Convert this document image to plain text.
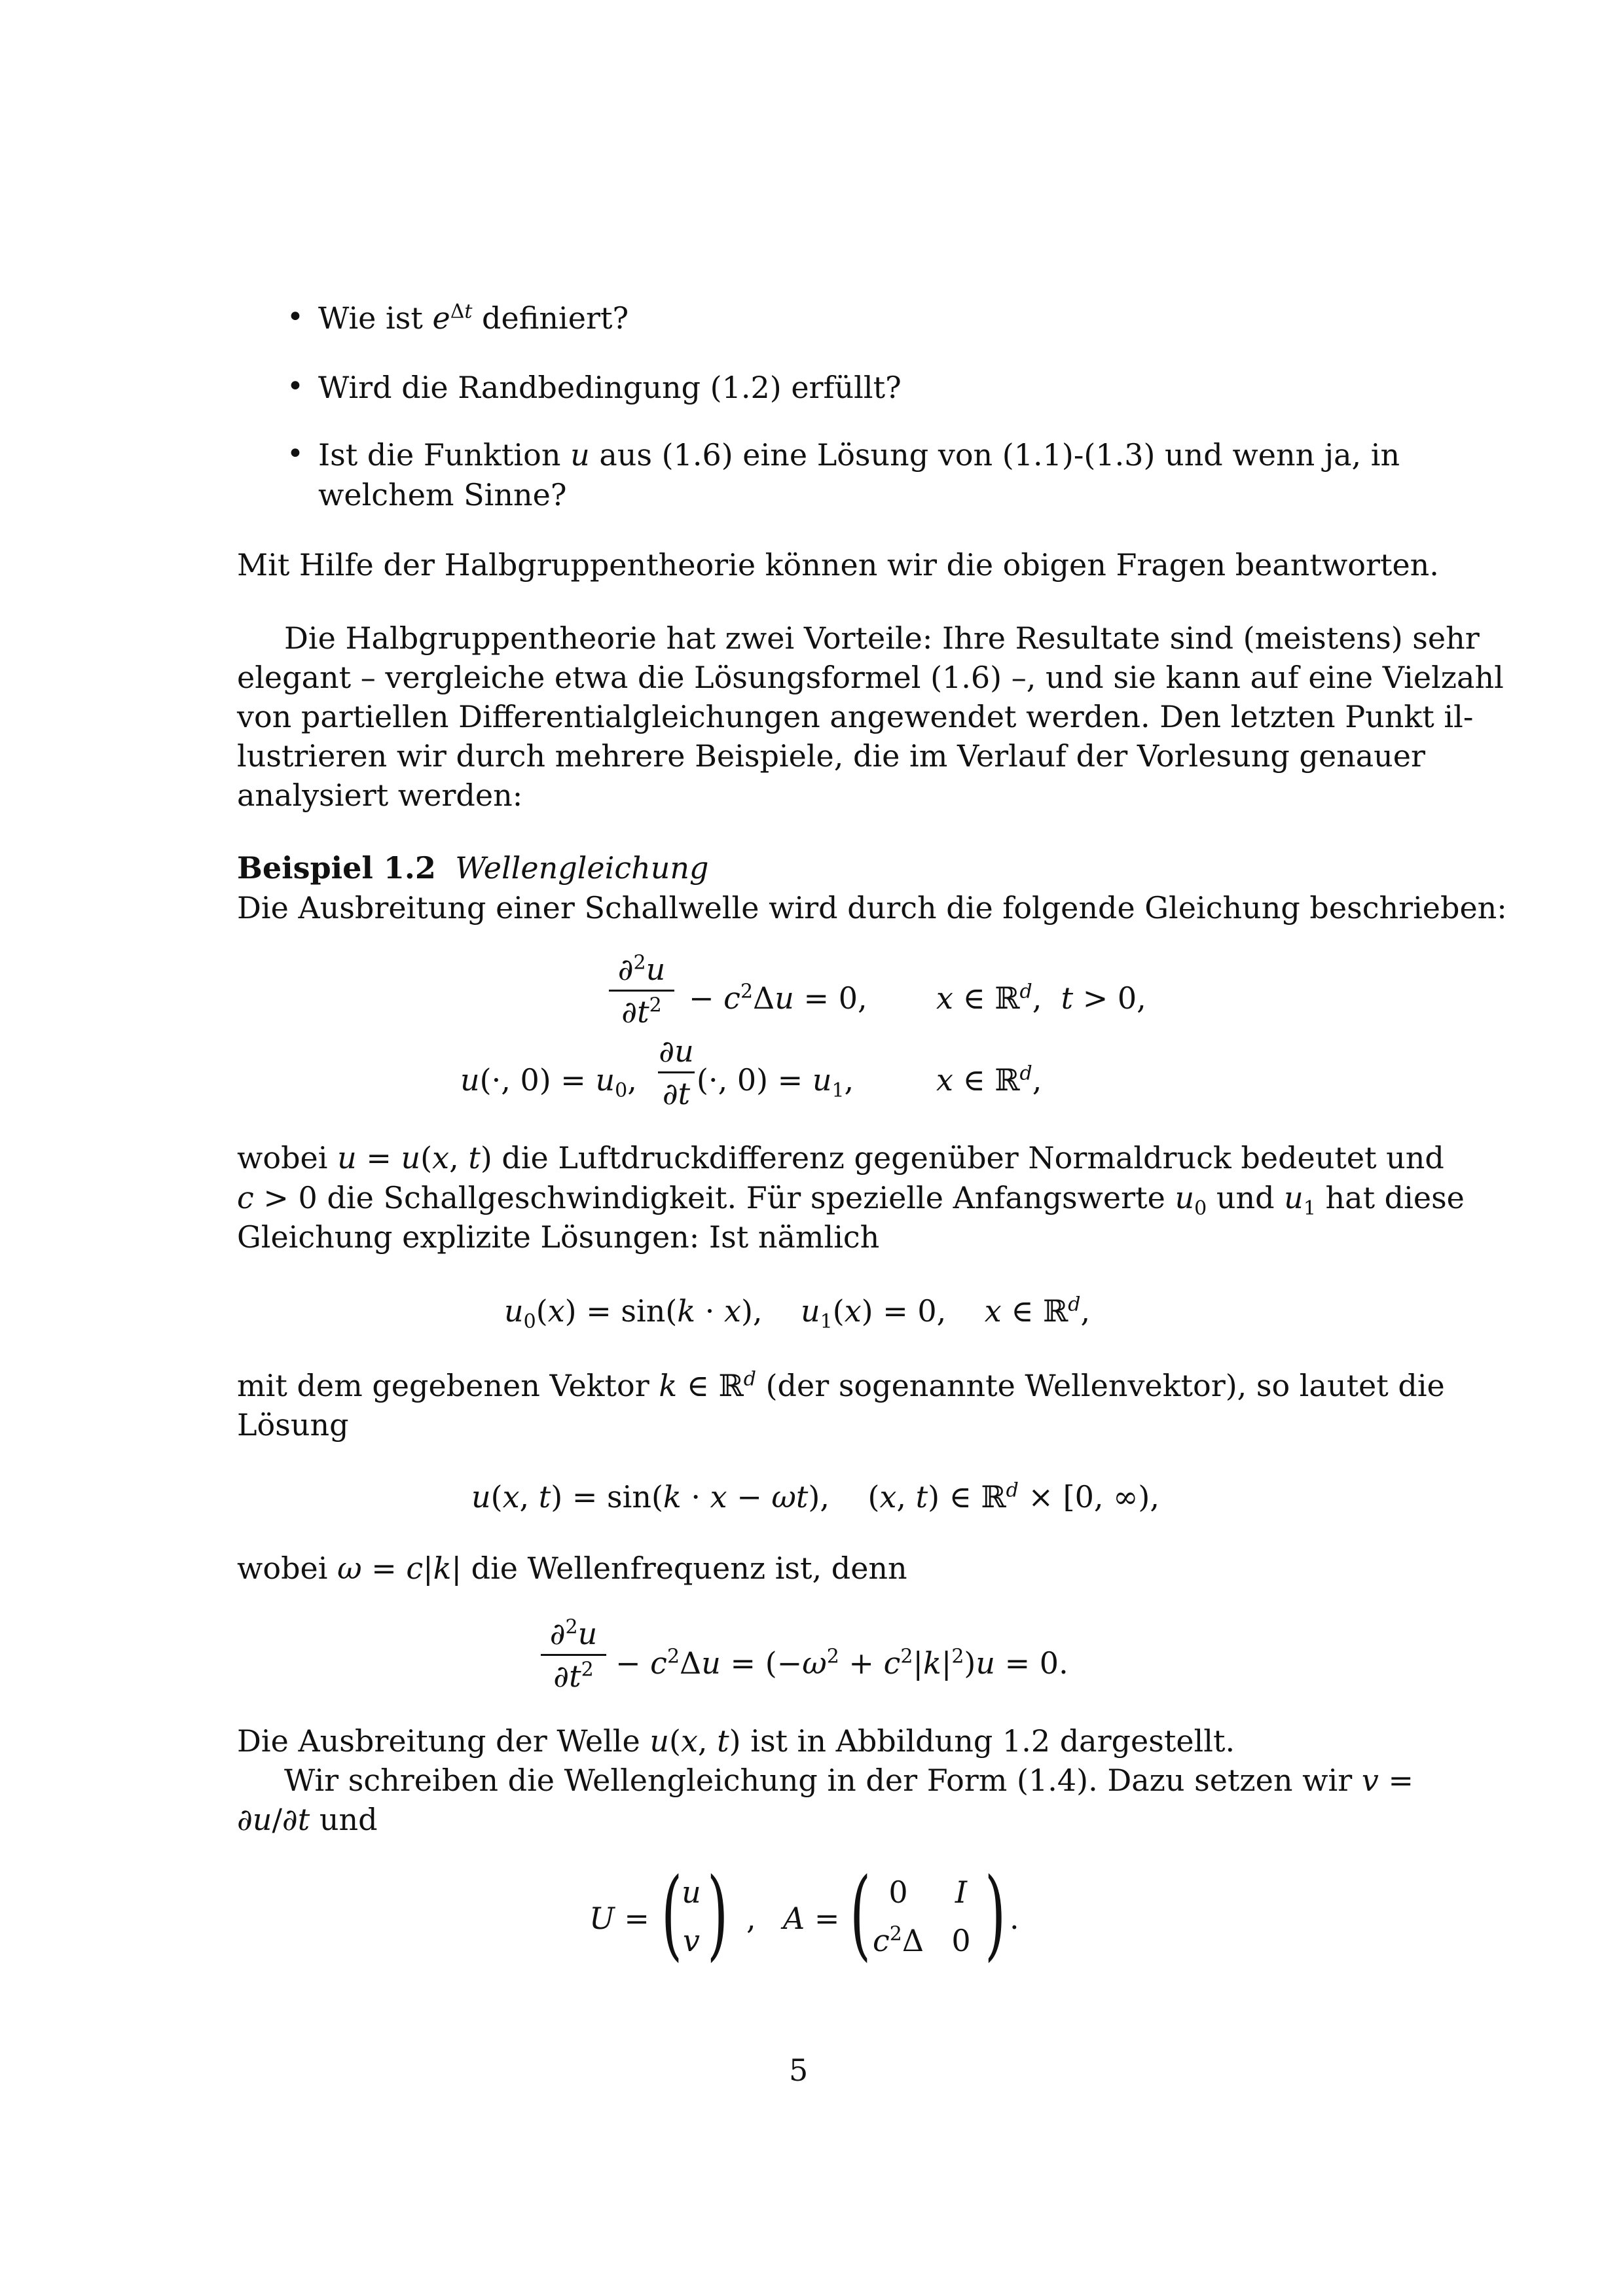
• Wie ist $e^{\Delta t}$ definiert?
• Wird die Randbedingung (1.2) erfüllt?
• Ist die Funktion u aus (1.6) eine Lösung von (1.1)-(1.3) und wenn ja, in
welchem Sinne?
Mit Hilfe der Halbgruppentheorie können wir die obigen Fragen beantworten.
Die Halbgruppentheorie hat zwei Vorteile: Ihre Resultate sind (meistens) sehr
elegant – vergleiche etwa die Lösungsformel (1.6) –, und sie kann auf eine Vielzahl
von partiellen Differentialgleichungen angewendet werden. Den letzten Punkt il-
lustrieren wir durch mehrere Beispiele, die im Verlauf der Vorlesung genauer
analysiert werden:
Beispiel 1.2 Wellengleichung
Die Ausbreitung einer Schallwelle wird durch die folgende Gleichung beschrieben:
∂$^2$u
$\partial t^2 - c^2\Delta u = 0$, x ∈ ℝ$^d$,  t > 0,
u(·, $0) = u_0$,
∂u
∂t (·, $0) = u_1$,	x ∈ ℝ$^d$,
wobei u = u(x, t) die Luftdruckdifferenz gegenüber Normaldruck bedeutet und
c > 0 die Schallgeschwindigkeit. Für spezielle Anfangswerte $u_0$ und $u_1$ hat diese
Gleichung explizite Lösungen: Ist nämlich
$u_0(x) = \sin(k \cdot x)$,    $u_1(x) = 0$,    x ∈ ℝ$^d$,
mit dem gegebenen Vektor k ∈ ℝ$^d$ (der sogenannte Wellenvektor), so lautet die
Lösung
u(x, t) = sin(k · x − ωt),    (x, t) ∈ ℝ$^d$ × [0, ∞),
wobei ω = c|k| die Wellenfrequenz ist, denn
∂$^2$u
$\partial t^2 - c^2\Delta u = (-\omega^2 + c^2|k|^2)u = 0$.
Die Ausbreitung der Welle u(x, t) ist in Abbildung 1.2 dargestellt.
Wir schreiben die Wellengleichung in der Form (1.4). Dazu setzen wir v =
∂u/∂t und
U = (
u
v ) , A = ( 0	I
$c^2\Delta$ 0 ) .
5
